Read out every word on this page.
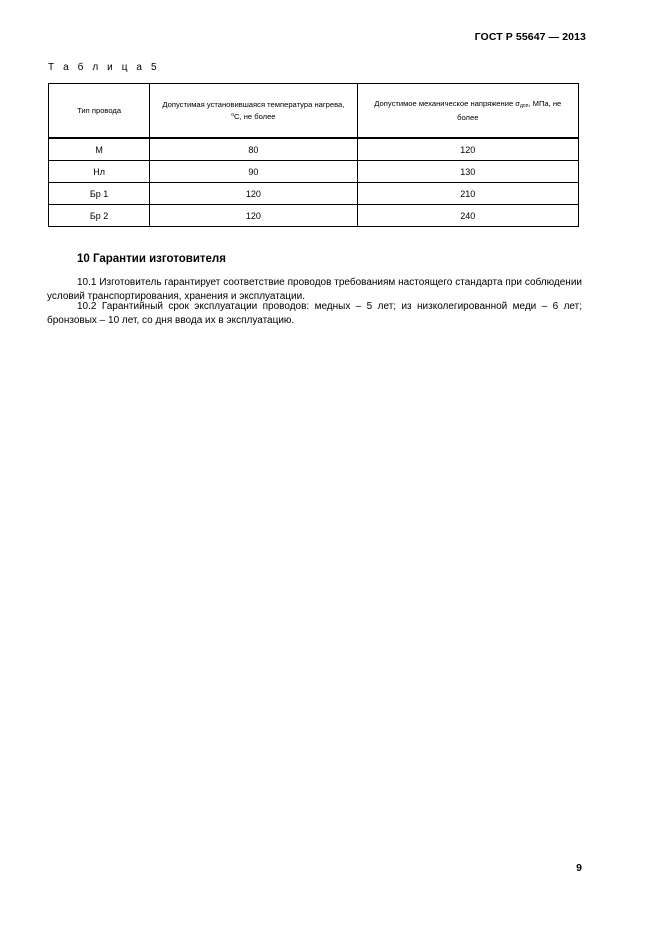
ГОСТ Р 55647 — 2013
Т а б л и ц а 5
Тип провода	Допустимая установившаяся температура нагрева, $^o$С, не более	Допустимое механическое напряжение $\sigma_{доп}$, МПа, не более

М	80	120
Нл	90	130
Бр 1	120	210
Бр 2	120	240
10 Гарантии изготовителя

10.1 Изготовитель гарантирует соответствие проводов требованиям настоящего стандарта при соблюдении условий транспортирования, хранения и эксплуатации.

10.2 Гарантийный срок эксплуатации проводов: медных – 5 лет; из низколегированной меди – 6 лет; бронзовых – 10 лет, со дня ввода их в эксплуатацию.

9
